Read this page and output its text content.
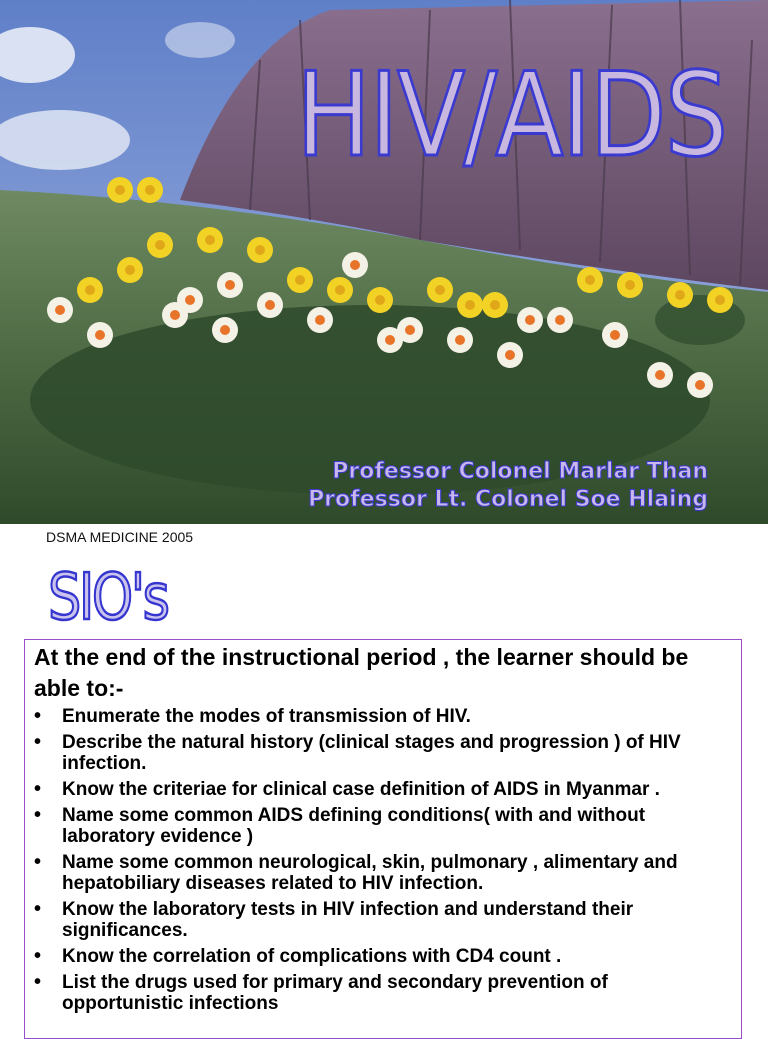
HIV/AIDS
Professor Colonel Marlar Than
Professor Lt. Colonel Soe Hlaing
DSMA MEDICINE 2005
SIO's
At the end of the instructional period , the learner should be able to:-
• Enumerate the modes of transmission of HIV.
• Describe the natural history (clinical stages and progression ) of HIV infection.
• Know the criteriae for clinical case definition of AIDS in Myanmar .
• Name some common AIDS defining conditions( with and without laboratory evidence )
• Name some common neurological, skin, pulmonary , alimentary and hepatobiliary diseases related to HIV infection.
• Know the laboratory tests in HIV infection and understand their significances.
• Know the correlation of complications with CD4 count .
• List the drugs used for primary and secondary prevention of opportunistic infections
